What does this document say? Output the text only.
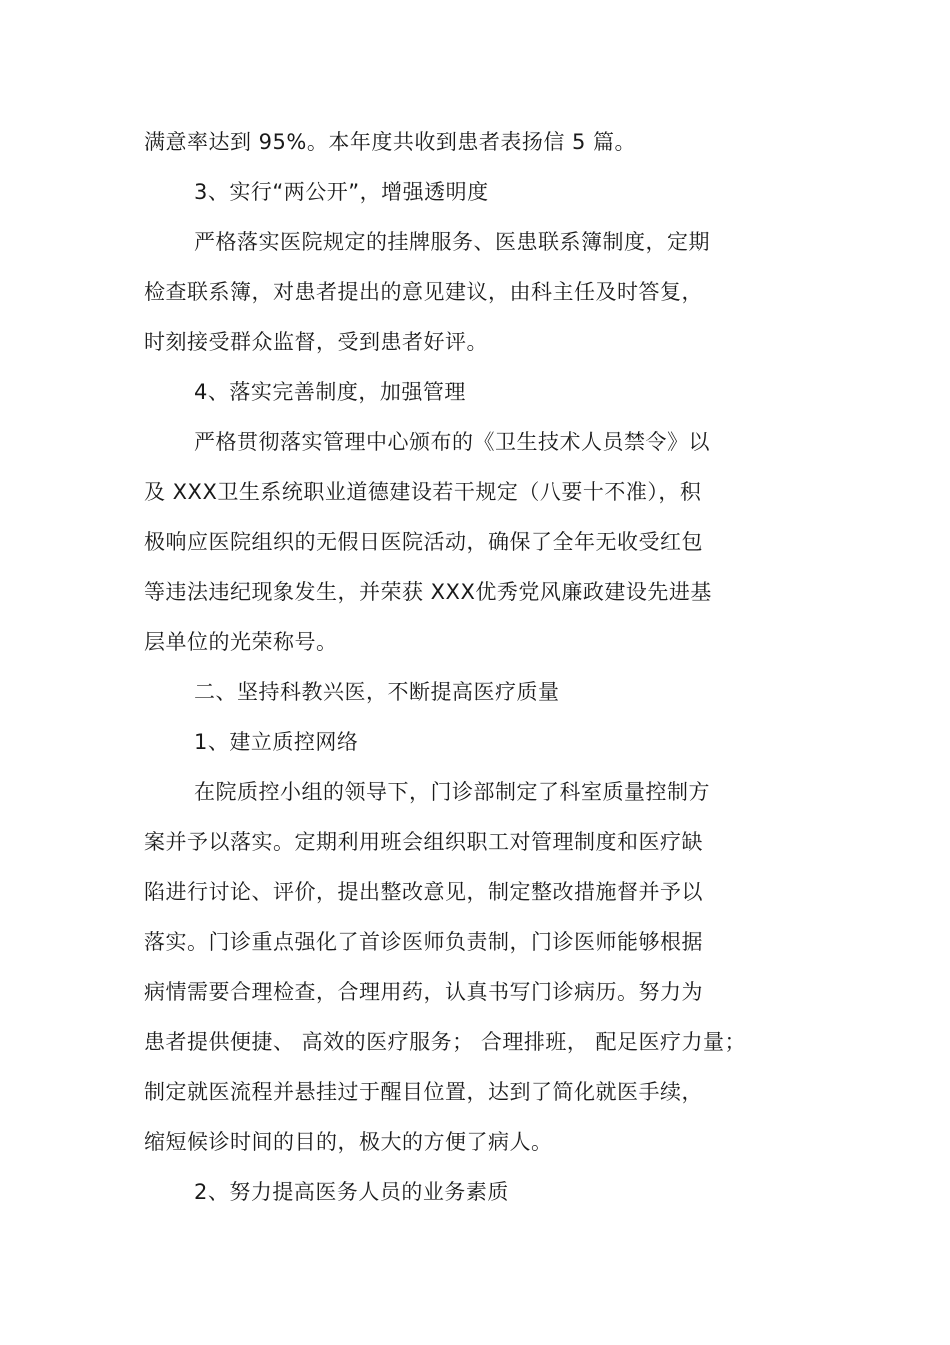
满意率达到 95%。本年度共收到患者表扬信 5 篇。
3、实行“两公开”，增强透明度
严格落实医院规定的挂牌服务、医患联系簿制度，定期
检查联系簿，对患者提出的意见建议，由科主任及时答复，
时刻接受群众监督，受到患者好评。
4、落实完善制度，加强管理
严格贯彻落实管理中心颁布的《卫生技术人员禁令》以
及 XXX卫生系统职业道德建设若干规定（八要十不准），积
极响应医院组织的无假日医院活动，确保了全年无收受红包
等违法违纪现象发生，并荣获 XXX优秀党风廉政建设先进基
层单位的光荣称号。
二、坚持科教兴医，不断提高医疗质量
1、建立质控网络
在院质控小组的领导下，门诊部制定了科室质量控制方
案并予以落实。定期利用班会组织职工对管理制度和医疗缺
陷进行讨论、评价，提出整改意见，制定整改措施督并予以
落实。门诊重点强化了首诊医师负责制，门诊医师能够根据
病情需要合理检查，合理用药，认真书写门诊病历。努力为
患者提供便捷、 高效的医疗服务； 合理排班， 配足医疗力量；
制定就医流程并悬挂过于醒目位置，达到了简化就医手续，
缩短候诊时间的目的，极大的方便了病人。
2、努力提高医务人员的业务素质
